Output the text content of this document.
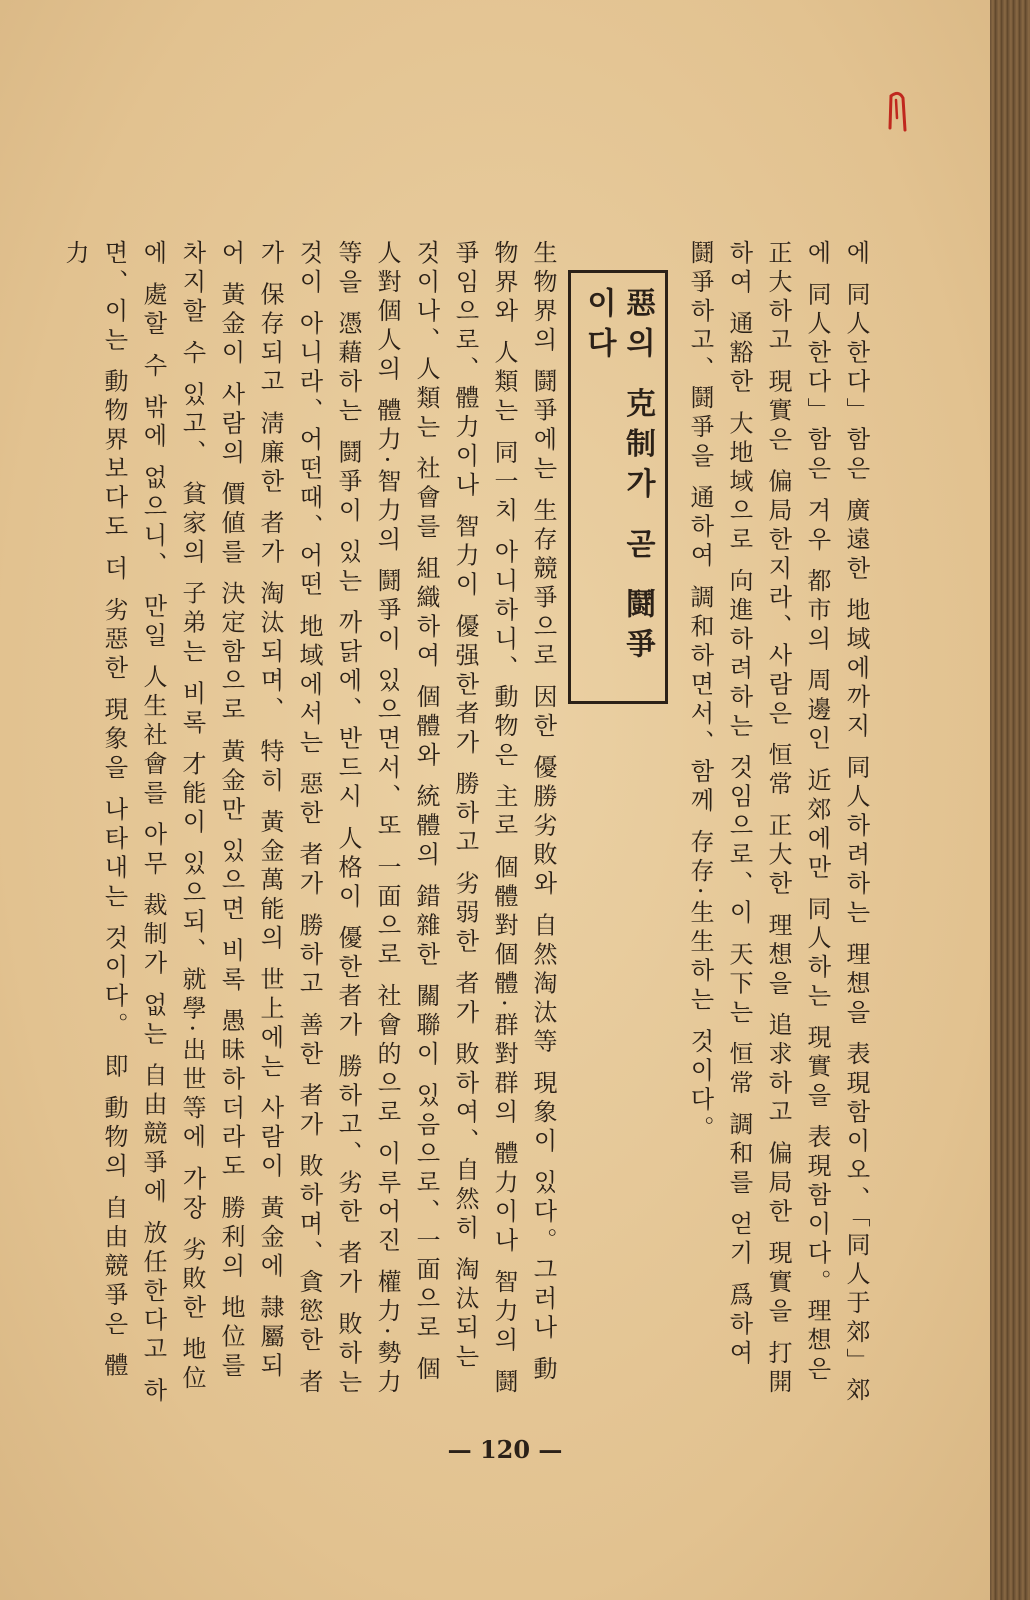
에 同人한다」함은 廣遠한 地域에까지 同人하려하는 理想을 表現함이오、「同人于郊」郊에 同人한다」함은 겨우 都市의 周邊인 近郊에만 同人하는 現實을 表現함이다。理想은 正大하고 現實은 偏局한지라、사람은 恒常 正大한 理想을 追求하고 偏局한 現實을 打開하여 通豁한 大地域으로 向進하려하는 것임으로、이 天下는 恒常 調和를 얻기 爲하여 鬪爭하고、鬪爭을 通하여 調和하면서、함께 存存·生生하는 것이다。

惡의 克制가 곧 鬪爭이다

生物界의 鬪爭에는 生存競爭으로 因한 優勝劣敗와 自然淘汰等 現象이 있다。그러나 動物界와 人類는 同一치 아니하니、動物은 主로 個體對個體·群對群의 體力이나 智力의 鬪爭임으로、體力이나 智力이 優强한者가 勝하고 劣弱한 者가 敗하여、自然히 淘汰되는 것이나、人類는 社會를 組織하여 個體와 統體의 錯雜한 關聯이 있음으로、一面으로 個人對個人의 體力·智力의 鬪爭이 있으면서、또 一面으로 社會的으로 이루어진 權力·勢力等을 憑藉하는 鬪爭이 있는 까닭에、반드시 人格이 優한者가 勝하고、劣한 者가 敗하는것이 아니라、어떤때、어떤 地域에서는 惡한 者가 勝하고 善한 者가 敗하며、貪慾한 者가 保存되고 淸廉한 者가 淘汰되며、 特히 黃金萬能의 世上에는 사람이 黃金에 隷屬되어 黃金이 사람의 價値를 決定함으로 黃金만 있으면 비록 愚昧하더라도 勝利의 地位를 차지할 수 있고、 貧家의 子弟는 비록 才能이 있으되、就學·出世等에 가장 劣敗한 地位에 處할 수 밖에 없으니、 만일 人生社會를 아무 裁制가 없는 自由競爭에 放任한다고 하면、이는 動物界보다도 더 劣惡한 現象을 나타내는 것이다。 即 動物의 自由競爭은 體力

— 120 —
